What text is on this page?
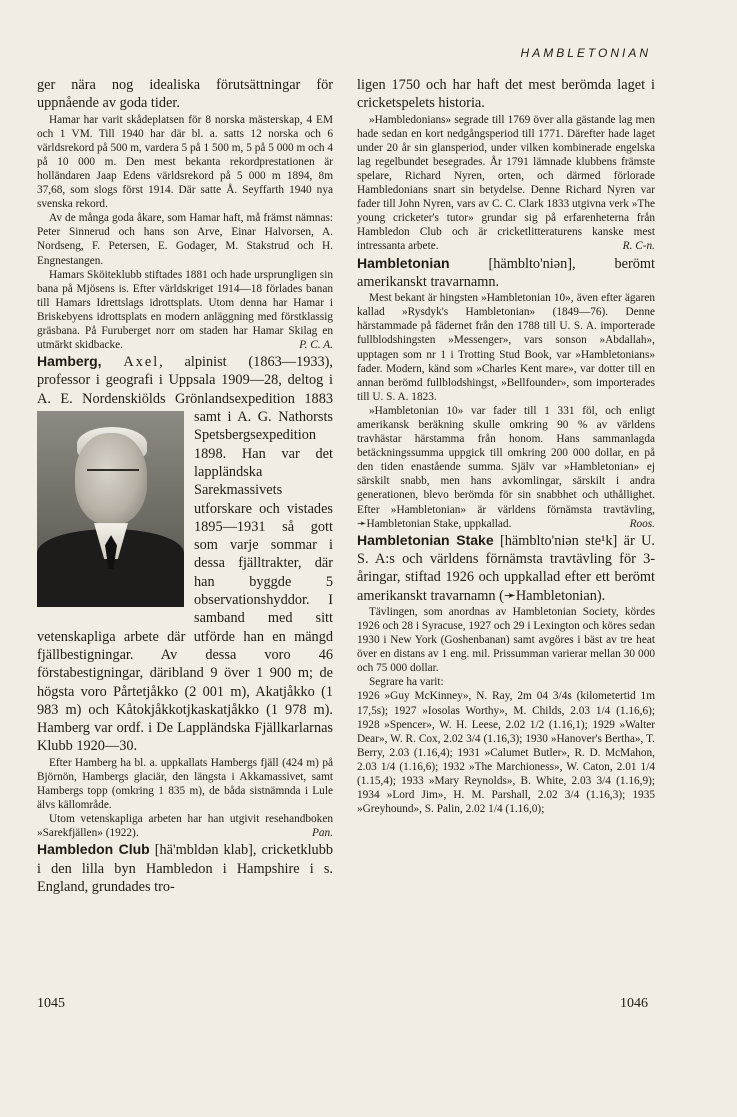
HAMBLETONIAN

ger nära nog idealiska förutsättningar för uppnående av goda tider.

Hamar har varit skådeplatsen för 8 norska mästerskap, 4 EM och 1 VM. Till 1940 har där bl. a. satts 12 norska och 6 världsrekord på 500 m, vardera 5 på 1 500 m, 5 på 5 000 m och 4 på 10 000 m. Den mest bekanta rekordprestationen är holländaren Jaap Edens världsrekord på 5 000 m 1894, 8m 37,68, som slogs först 1914. Där satte Å. Seyffarth 1940 nya svenska rekord.

Av de många goda åkare, som Hamar haft, må främst nämnas: Peter Sinnerud och hans son Arve, Einar Halvorsen, A. Nordseng, F. Petersen, E. Godager, M. Stakstrud och H. Engnestangen.

Hamars Sköiteklubb stiftades 1881 och hade ursprungligen sin bana på Mjösens is. Efter världskriget 1914—18 förlades banan till Hamars Idrettslags idrottsplats. Utom denna har Hamar i Briskebyens idrottsplats en modern anläggning med förstklassig gräsbana. På Furuberget norr om staden har Hamar Skilag en utmärkt skidbacke.	P. C. A.

Hamberg, Axel, alpinist (1863—1933), professor i geografi i Uppsala 1909—28, deltog i A. E. Nordenskiölds Grönlandsexpedition 1883 samt i A. G.
Nathorsts Spetsbergsexpedition 1898. Han var det lappländska Sarekmassivets utforskare och vistades 1895—1931 så gott som varje sommar i dessa fjälltrakter, där han byggde 5 observationshyddor. I samband med sitt vetenskapliga arbete där utförde han en mängd fjällbestigningar. Av dessa voro 46 förstabestigningar, däribland 9 över 1 900 m; de högsta voro Pårtetjåkko (2 001 m), Akatjåkko (1 983 m) och Kåtokjåkkotjkaskatjåkko (1 978 m). Hamberg var ordf. i De Lappländska Fjällkarlarnas Klubb 1920—30.

Efter Hamberg ha bl. a. uppkallats Hambergs fjäll (424 m) på Björnön, Hambergs glaciär, den längsta i Akkamassivet, samt Hambergs topp (omkring 1 835 m), de båda sistnämnda i Lule älvs källområde.

Utom vetenskapliga arbeten har han utgivit resehandboken »Sarekfjällen» (1922).	Pan.

Hambledon Club [hä'mbldən klab], cricketklubb i den lilla byn Hambledon i Hampshire i s. England, grundades tro-

ligen 1750 och har haft det mest berömda laget i cricketspelets historia.

»Hambledonians» segrade till 1769 över alla gästande lag men hade sedan en kort nedgångsperiod till 1771. Därefter hade laget under 20 år sin glansperiod, under vilken kombinerade engelska lag regelbundet besegrades. År 1791 lämnade klubbens främste spelare, Richard Nyren, orten, och därmed förlorade Hambledonians snart sin betydelse. Denne Richard Nyren var fader till John Nyren, vars av C. C. Clark 1833 utgivna verk »The young cricketer's tutor» grundar sig på erfarenheterna från Hambledon Club och är cricketlitteraturens kanske mest intressanta arbete.	R. C-n.

Hambletonian [hämblto'niən], berömt amerikanskt travarnamn.

Mest bekant är hingsten »Hambletonian 10», även efter ägaren kallad »Rysdyk's Hambletonian» (1849—76). Denne härstammade på fädernet från den 1788 till U. S. A. importerade fullblodshingsten »Messenger», vars sonson »Abdallah», upptagen som nr 1 i Trotting Stud Book, var »Hambletonians» fader. Modern, känd som »Charles Kent mare», var dotter till en annan berömd fullblodshingst, »Bellfounder», som importerades till U. S. A. 1823.

»Hambletonian 10» var fader till 1 331 föl, och enligt amerikansk beräkning skulle omkring 90 % av världens travhästar härstamma från honom. Hans sammanlagda betäckningssumma uppgick till omkring 200 000 dollar, en på den tiden enastående summa. Själv var »Hambletonian» ej särskilt snabb, men hans avkomlingar, särskilt i andra generationen, blevo berömda för sin snabbhet och uthållighet. Efter »Hambletonian» är världens förnämsta travtävling, ➛Hambletonian Stake, uppkallad.	Roos.

Hambletonian Stake [hämblto'niən ste¹k] är U. S. A:s och världens förnämsta travtävling för 3-åringar, stiftad 1926 och uppkallad efter ett berömt amerikanskt travarnamn (➛Hambletonian).

Tävlingen, som anordnas av Hambletonian Society, kördes 1926 och 28 i Syracuse, 1927 och 29 i Lexington och köres sedan 1930 i New York (Goshenbanan) samt avgöres i bäst av tre heat över en distans av 1 eng. mil. Prissumman varierar mellan 30 000 och 75 000 dollar.

Segrare ha varit:

1926 »Guy McKinney», N. Ray, 2m 04 3/4s (kilometertid 1m 17,5s); 1927 »Iosolas Worthy», M. Childs, 2.03 1/4 (1.16,6); 1928 »Spencer», W. H. Leese, 2.02 1/2 (1.16,1); 1929 »Walter Dear», W. R. Cox, 2.02 3/4 (1.16,3); 1930 »Hanover's Bertha», T. Berry, 2.03 (1.16,4); 1931 »Calumet Butler», R. D. McMahon, 2.03 1/4 (1.16,6); 1932 »The Marchioness», W. Caton, 2.01 1/4 (1.15,4); 1933 »Mary Reynolds», B. White, 2.03 3/4 (1.16,9); 1934 »Lord Jim», H. M. Parshall, 2.02 3/4 (1.16,3); 1935 »Greyhound», S. Palin, 2.02 1/4 (1.16,0);

1045	1046
